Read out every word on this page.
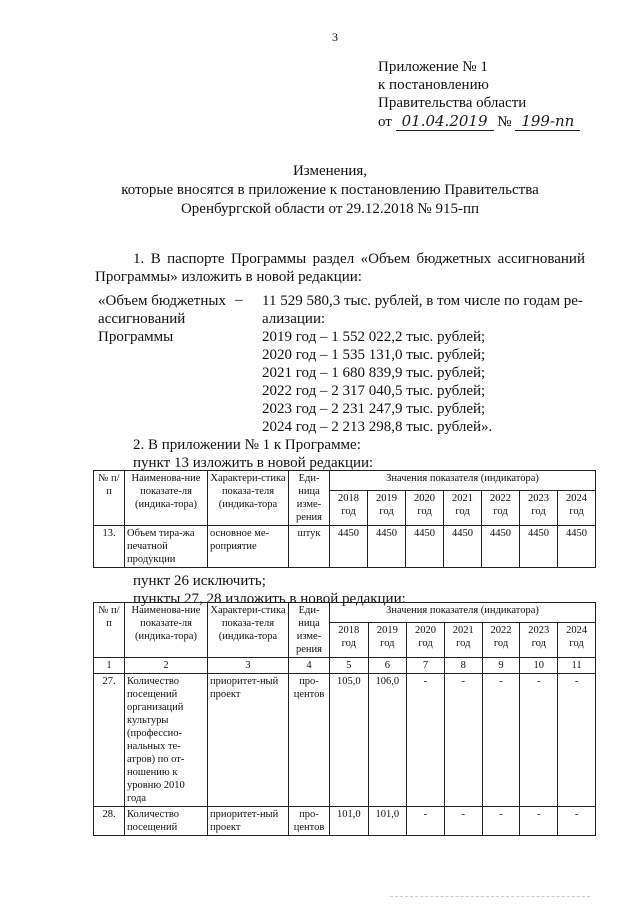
3
Приложение № 1
к постановлению
Правительства области
от 01.04.2019 № 199-пп
Изменения,
которые вносятся в приложение к постановлению Правительства
Оренбургской области от 29.12.2018 № 915-пп
1. В паспорте Программы раздел «Объем бюджетных ассигнований Программы» изложить в новой редакции:
«Объем бюджетных ассигнований Программы
– 11 529 580,3 тыс. рублей, в том числе по годам ре-
ализации:
2019 год – 1 552 022,2 тыс. рублей;
2020 год – 1 535 131,0 тыс. рублей;
2021 год – 1 680 839,9 тыс. рублей;
2022 год – 2 317 040,5 тыс. рублей;
2023 год – 2 231 247,9 тыс. рублей;
2024 год – 2 213 298,8 тыс. рублей».
2. В приложении № 1 к Программе:
пункт 13 изложить в новой редакции:
№ п/п	Наименова-ние показате-ля (индика-тора)	Характери-стика показа-теля (индика-тора	Еди-ница изме-рения	Значения показателя (индикатора)						
				2018 год	2019 год	2020 год	2021 год	2022 год	2023 год	2024 год
13.	Объем тира-жа печатной продукции	основное ме-роприятие	штук	4450	4450	4450	4450	4450	4450	4450
пункт 26 исключить;
пункты 27, 28 изложить в новой редакции:
№ п/п	Наименова-ние показате-ля (индика-тора)	Характери-стика показа-теля (индика-тора	Еди-ница изме-рения	Значения показателя (индикатора)						
				2018 год	2019 год	2020 год	2021 год	2022 год	2023 год	2024 год
1	2	3	4	5	6	7	8	9	10	11
27.	Количество посещений организаций культуры (профессио-нальных те-атров) по от-ношению к уровню 2010 года	приоритет-ный проект	про-центов	105,0	106,0	-	-	-	-	-
28.	Количество посещений	приоритет-ный проект	про-центов	101,0	101,0	-	-	-	-	-
